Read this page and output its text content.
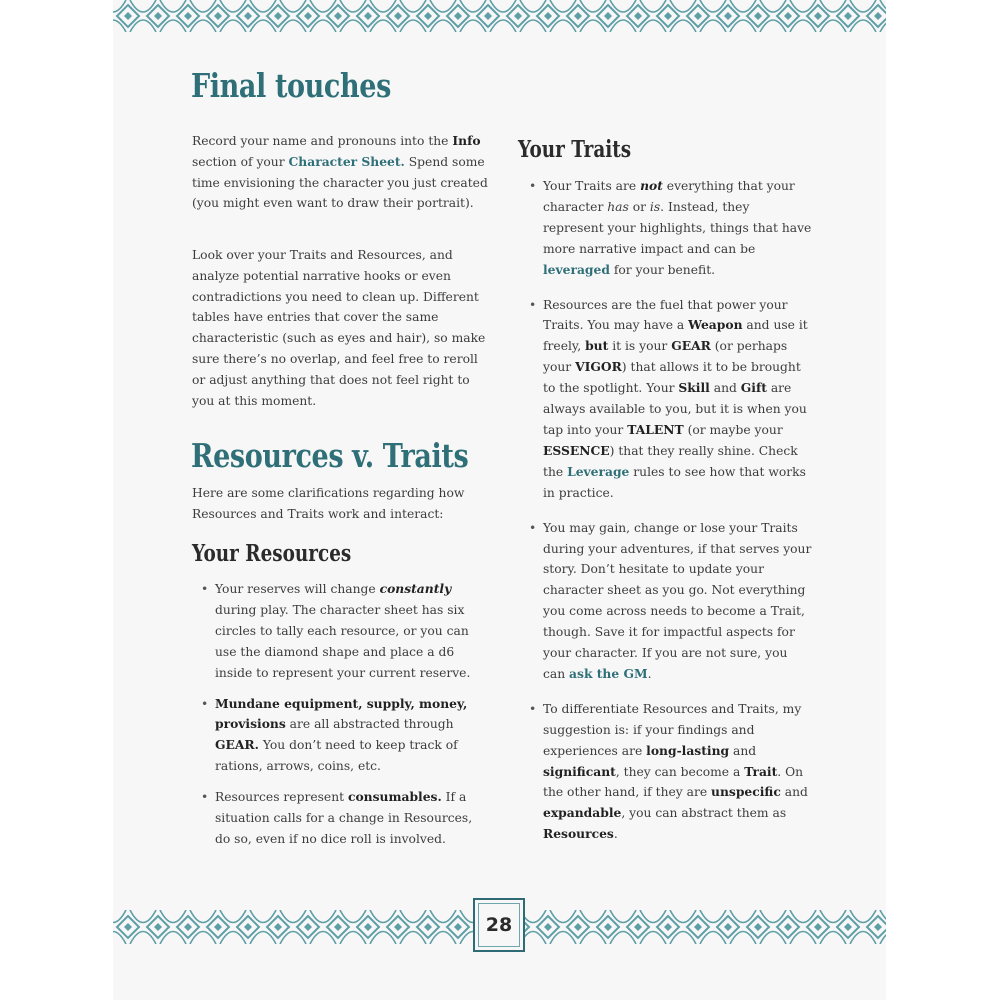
Final touches
Record your name and pronouns into the Info section of your Character Sheet. Spend some time envisioning the character you just created (you might even want to draw their portrait).
Look over your Traits and Resources, and analyze potential narrative hooks or even contradictions you need to clean up. Different tables have entries that cover the same characteristic (such as eyes and hair), so make sure there’s no overlap, and feel free to reroll or adjust anything that does not feel right to you at this moment.
Resources v. Traits
Here are some clarifications regarding how Resources and Traits work and interact:
Your Resources
• Your reserves will change constantly during play. The character sheet has six circles to tally each resource, or you can use the diamond shape and place a d6 inside to represent your current reserve.
• Mundane equipment, supply, money, provisions are all abstracted through GEAR. You don’t need to keep track of rations, arrows, coins, etc.
• Resources represent consumables. If a situation calls for a change in Resources, do so, even if no dice roll is involved.
Your Traits
• Your Traits are not everything that your character has or is. Instead, they represent your highlights, things that have more narrative impact and can be leveraged for your benefit.
• Resources are the fuel that power your Traits. You may have a Weapon and use it freely, but it is your GEAR (or perhaps your VIGOR) that allows it to be brought to the spotlight. Your Skill and Gift are always available to you, but it is when you tap into your TALENT (or maybe your ESSENCE) that they really shine. Check the Leverage rules to see how that works in practice.
• You may gain, change or lose your Traits during your adventures, if that serves your story. Don’t hesitate to update your character sheet as you go. Not everything you come across needs to become a Trait, though. Save it for impactful aspects for your character. If you are not sure, you can ask the GM.
• To differentiate Resources and Traits, my suggestion is: if your findings and experiences are long-lasting and significant, they can become a Trait. On the other hand, if they are unspecific and expandable, you can abstract them as Resources.
28
